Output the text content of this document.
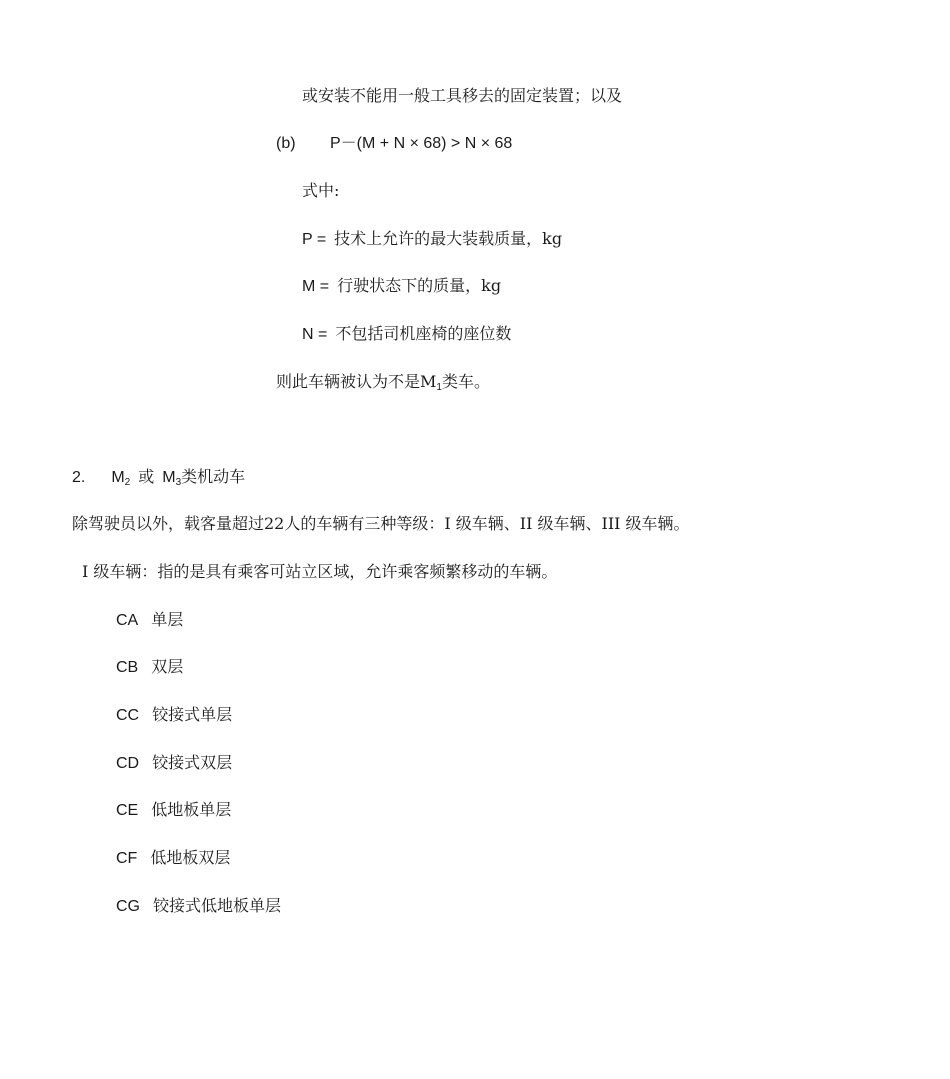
或安装不能用一般工具移去的固定装置；以及
(b) P－(M + N × 68) > N × 68
式中:
P = 技术上允许的最大装载质量，kg
M = 行驶状态下的质量，kg
N = 不包括司机座椅的座位数
则此车辆被认为不是$M_1$类车。
2. $M_2$ 或 $M_3$类机动车
除驾驶员以外，载客量超过22人的车辆有三种等级：I 级车辆、II 级车辆、III 级车辆。
I 级车辆：指的是具有乘客可站立区域，允许乘客频繁移动的车辆。
CA 单层
CB 双层
CC 铰接式单层
CD 铰接式双层
CE 低地板单层
CF 低地板双层
CG 铰接式低地板单层
